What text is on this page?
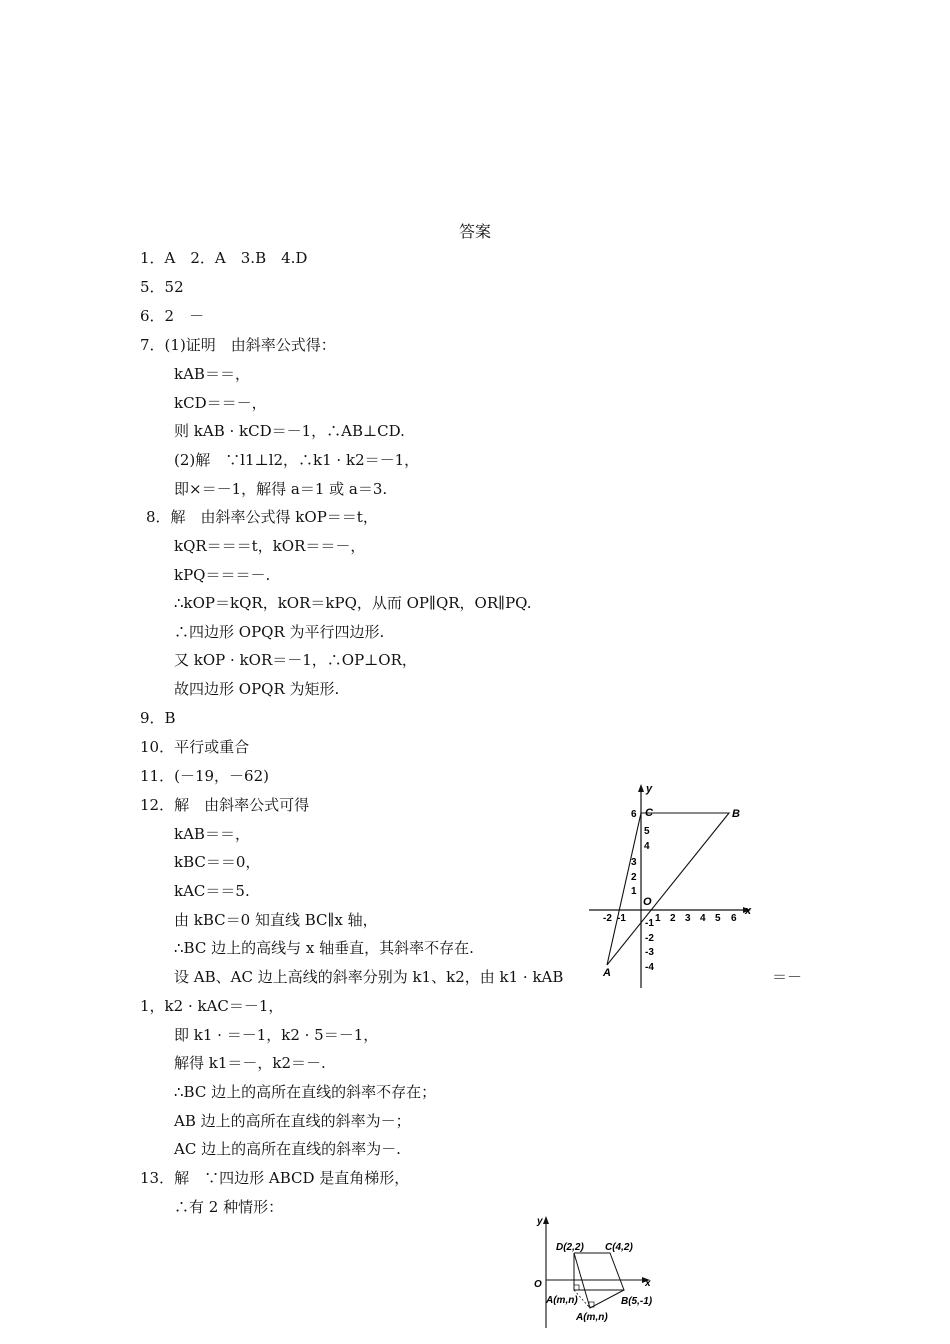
答案
1．A　2．A　3.B　4.D
5．52
6．2　－
7．(1)证明　由斜率公式得：
kAB＝＝，
kCD＝＝－，
则 kAB · kCD＝－1，∴AB⊥CD.
(2)解　∵l1⊥l2，∴k1 · k2＝－1，
即×＝－1，解得 a＝1 或 a＝3.
8．解　由斜率公式得 kOP＝＝t，
kQR＝＝＝t，kOR＝＝－，
kPQ＝＝＝－.
∴kOP＝kQR，kOR＝kPQ，从而 OP∥QR，OR∥PQ.
∴四边形 OPQR 为平行四边形.
又 kOP · kOR＝－1，∴OP⊥OR，
故四边形 OPQR 为矩形.
9．B
10．平行或重合
11．(－19，－62)
12．解　由斜率公式可得
kAB＝＝，
kBC＝＝0，
kAC＝＝5.
由 kBC＝0 知直线 BC∥x 轴，
∴BC 边上的高线与 x 轴垂直，其斜率不存在.
设 AB、AC 边上高线的斜率分别为 k1、k2，由 k1 · kAB	＝－
1，k2 · kAC＝－1，
即 k1 · ＝－1，k2 · 5＝－1，
解得 k1＝－，k2＝－.
∴BC 边上的高所在直线的斜率不存在；
AB 边上的高所在直线的斜率为－；
AC 边上的高所在直线的斜率为－.
13．解　∵四边形 ABCD 是直角梯形，
∴有 2 种情形：
y
x
O
C	B
A
-2 -1	1 2 3 4 5 6
6
5
4
3
2
1
-1
-2
-3
-4
y
x
O
D(2,2) C(4,2)
A(m,n)
A(m,n)
B(5,-1)
